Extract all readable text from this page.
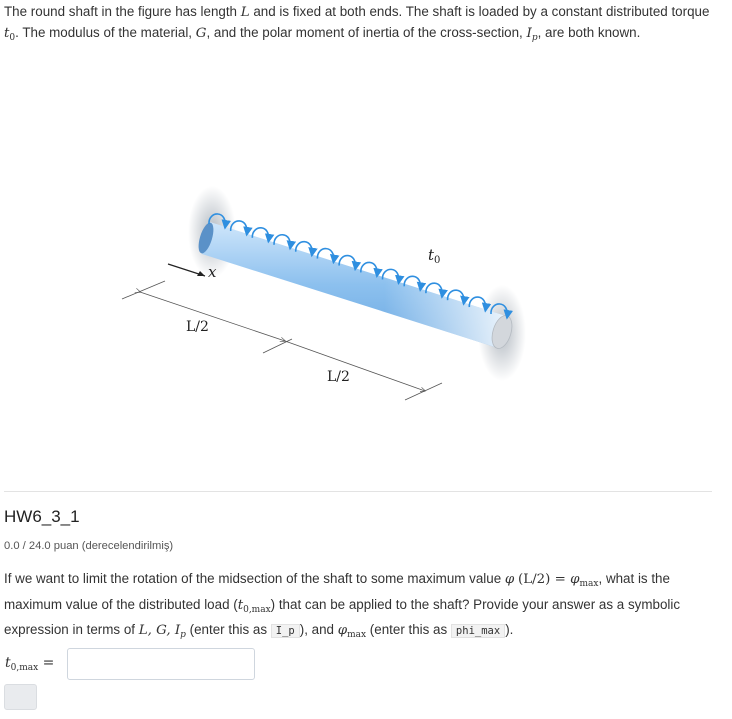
The round shaft in the figure has length L and is fixed at both ends. The shaft is loaded by a constant distributed torque $t_0$. The modulus of the material, G, and the polar moment of inertia of the cross-section, $I_p$, are both known.
x
L/2
L/2
$t_0$
HW6_3_1
0.0 / 24.0 puan (derecelendirilmiş)
If we want to limit the rotation of the midsection of the shaft to some maximum value φ $(L/2) = \varphi_{max}$, what is the maximum value of the distributed load $(t_{0,max})$ that can be applied to the shaft? Provide your answer as a symbolic expression in terms of L, G, $I_p$ (enter this as I_p ), and $\varphi_{max}$ (enter this as phi_max ).
$t_{0,max}$ =
